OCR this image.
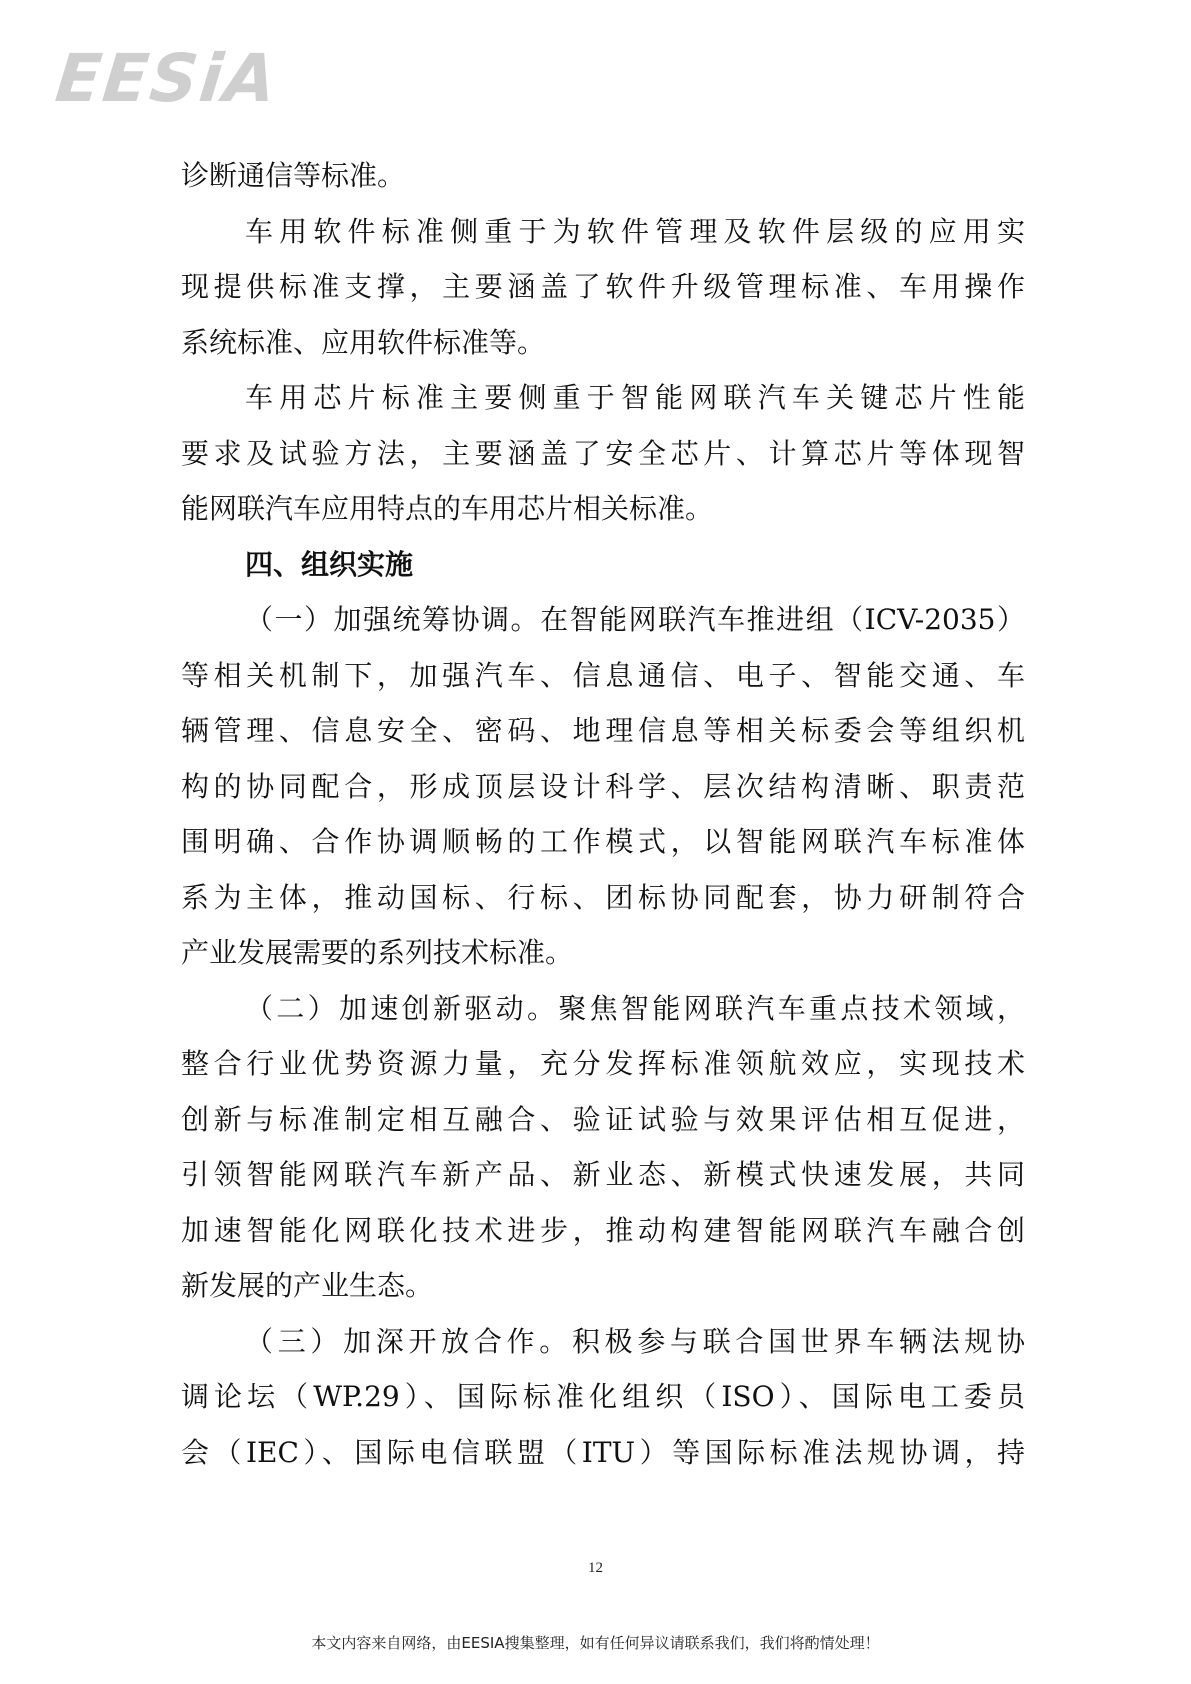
EESiA

诊断通信等标准。

车用软件标准侧重于为软件管理及软件层级的应用实

现提供标准支撑，主要涵盖了软件升级管理标准、车用操作

系统标准、应用软件标准等。

车用芯片标准主要侧重于智能网联汽车关键芯片性能

要求及试验方法，主要涵盖了安全芯片、计算芯片等体现智

能网联汽车应用特点的车用芯片相关标准。

四、组织实施

（一）加强统筹协调。在智能网联汽车推进组（ICV-2035）

等相关机制下，加强汽车、信息通信、电子、智能交通、车

辆管理、信息安全、密码、地理信息等相关标委会等组织机

构的协同配合，形成顶层设计科学、层次结构清晰、职责范

围明确、合作协调顺畅的工作模式，以智能网联汽车标准体

系为主体，推动国标、行标、团标协同配套，协力研制符合

产业发展需要的系列技术标准。

（二）加速创新驱动。聚焦智能网联汽车重点技术领域，

整合行业优势资源力量，充分发挥标准领航效应，实现技术

创新与标准制定相互融合、验证试验与效果评估相互促进，

引领智能网联汽车新产品、新业态、新模式快速发展，共同

加速智能化网联化技术进步，推动构建智能网联汽车融合创

新发展的产业生态。

（三）加深开放合作。积极参与联合国世界车辆法规协

调论坛（WP.29）、国际标准化组织（ISO）、国际电工委员

会（IEC）、国际电信联盟（ITU）等国际标准法规协调，持

12
本文内容来自网络，由EESIA搜集整理，如有任何异议请联系我们，我们将酌情处理！
